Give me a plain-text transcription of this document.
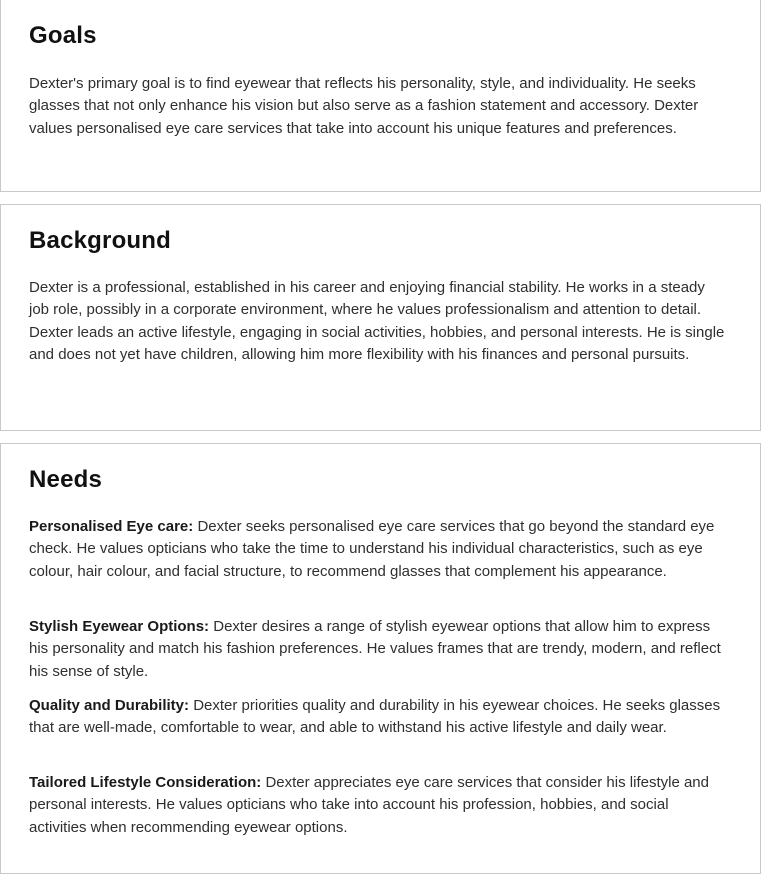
Goals

Dexter's primary goal is to find eyewear that reflects his personality, style, and individuality. He seeks glasses that not only enhance his vision but also serve as a fashion statement and accessory. Dexter values personalised eye care services that take into account his unique features and preferences.

Background

Dexter is a professional, established in his career and enjoying financial stability. He works in a steady job role, possibly in a corporate environment, where he values professionalism and attention to detail. Dexter leads an active lifestyle, engaging in social activities, hobbies, and personal interests. He is single and does not yet have children, allowing him more flexibility with his finances and personal pursuits.

Needs

Personalised Eye care: Dexter seeks personalised eye care services that go beyond the standard eye check. He values opticians who take the time to understand his individual characteristics, such as eye colour, hair colour, and facial structure, to recommend glasses that complement his appearance.

Stylish Eyewear Options: Dexter desires a range of stylish eyewear options that allow him to express his personality and match his fashion preferences. He values frames that are trendy, modern, and reflect his sense of style.

Quality and Durability: Dexter priorities quality and durability in his eyewear choices. He seeks glasses that are well-made, comfortable to wear, and able to withstand his active lifestyle and daily wear.

Tailored Lifestyle Consideration: Dexter appreciates eye care services that consider his lifestyle and personal interests. He values opticians who take into account his profession, hobbies, and social activities when recommending eyewear options.
